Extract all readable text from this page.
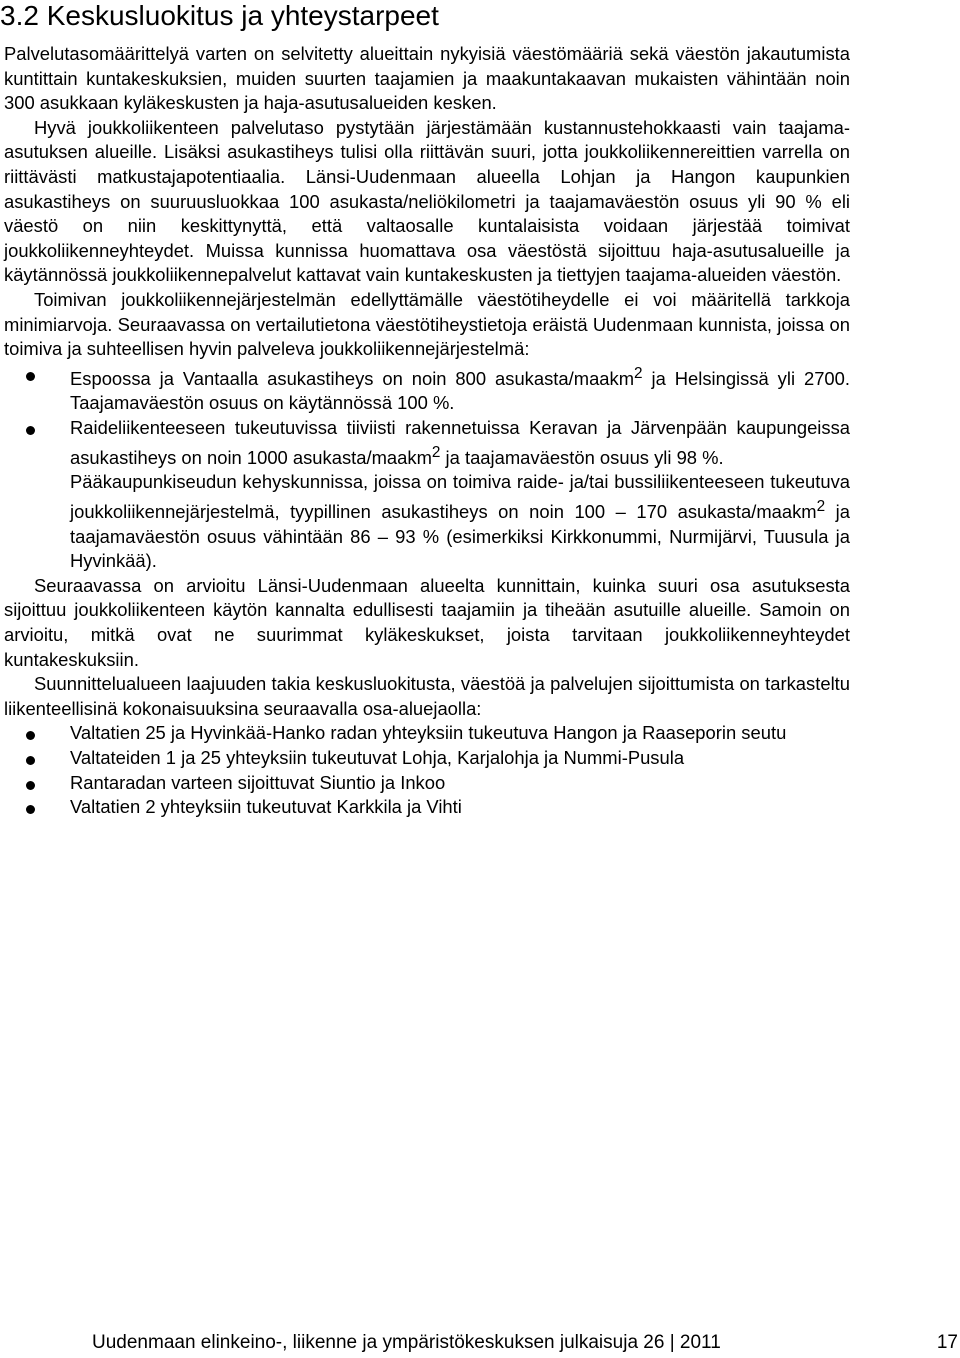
3.2 Keskusluokitus ja yhteystarpeet

Palvelutasomäärittelyä varten on selvitetty alueittain nykyisiä väestömääriä sekä väestön jakautumista kuntittain kuntakeskuksien, muiden suurten taajamien ja maakuntakaavan mukaisten vähintään noin 300 asukkaan kyläkeskusten ja haja-asutusalueiden kesken.

Hyvä joukkoliikenteen palvelutaso pystytään järjestämään kustannustehokkaasti vain taajama-asutuksen alueille. Lisäksi asukastiheys tulisi olla riittävän suuri, jotta joukkoliikennereittien varrella on riittävästi matkustajapotentiaalia. Länsi-Uudenmaan alueella Lohjan ja Hangon kaupunkien asukastiheys on suuruusluokkaa 100 asukasta/neliökilometri ja taajamaväestön osuus yli 90 % eli väestö on niin keskittynyttä, että valtaosalle kuntalaisista voidaan järjestää toimivat joukkoliikenneyhteydet. Muissa kunnissa huomattava osa väestöstä sijoittuu haja-asutusalueille ja käytännössä joukkoliikennepalvelut kattavat vain kuntakeskusten ja tiettyjen taajama-alueiden väestön.

Toimivan joukkoliikennejärjestelmän edellyttämälle väestötiheydelle ei voi määritellä tarkkoja minimiarvoja. Seuraavassa on vertailutietona väestötiheystietoja eräistä Uudenmaan kunnista, joissa on toimiva ja suhteellisen hyvin palveleva joukkoliikennejärjestelmä:

Espoossa ja Vantaalla asukastiheys on noin 800 asukasta/maakm$^2$ ja Helsingissä yli 2700. Taajamaväestön osuus on käytännössä 100 %.
Raideliikenteeseen tukeutuvissa tiiviisti rakennetuissa Keravan ja Järvenpään kaupungeissa asukastiheys on noin 1000 asukasta/maakm$^2$ ja taajamaväestön osuus yli 98 %.

Pääkaupunkiseudun kehyskunnissa, joissa on toimiva raide- ja/tai bussiliikenteeseen tukeutuva joukkoliikennejärjestelmä, tyypillinen asukastiheys on noin 100 – 170 asukasta/maakm$^2$ ja taajamaväestön osuus vähintään 86 – 93 % (esimerkiksi Kirkkonummi, Nurmijärvi, Tuusula ja Hyvinkää).

Seuraavassa on arvioitu Länsi-Uudenmaan alueelta kunnittain, kuinka suuri osa asutuksesta sijoittuu joukkoliikenteen käytön kannalta edullisesti taajamiin ja tiheään asutuille alueille. Samoin on arvioitu, mitkä ovat ne suurimmat kyläkeskukset, joista tarvitaan joukkoliikenneyhteydet kuntakeskuksiin.

Suunnittelualueen laajuuden takia keskusluokitusta, väestöä ja palvelujen sijoittumista on tarkasteltu liikenteellisinä kokonaisuuksina seuraavalla osa-aluejaolla:

Valtatien 25 ja Hyvinkää-Hanko radan yhteyksiin tukeutuva Hangon ja Raaseporin seutu
Valtateiden 1 ja 25 yhteyksiin tukeutuvat Lohja, Karjalohja ja Nummi-Pusula
Rantaradan varteen sijoittuvat Siuntio ja Inkoo
Valtatien 2 yhteyksiin tukeutuvat Karkkila ja Vihti
Uudenmaan elinkeino-, liikenne ja ympäristökeskuksen julkaisuja 26 | 2011	17
